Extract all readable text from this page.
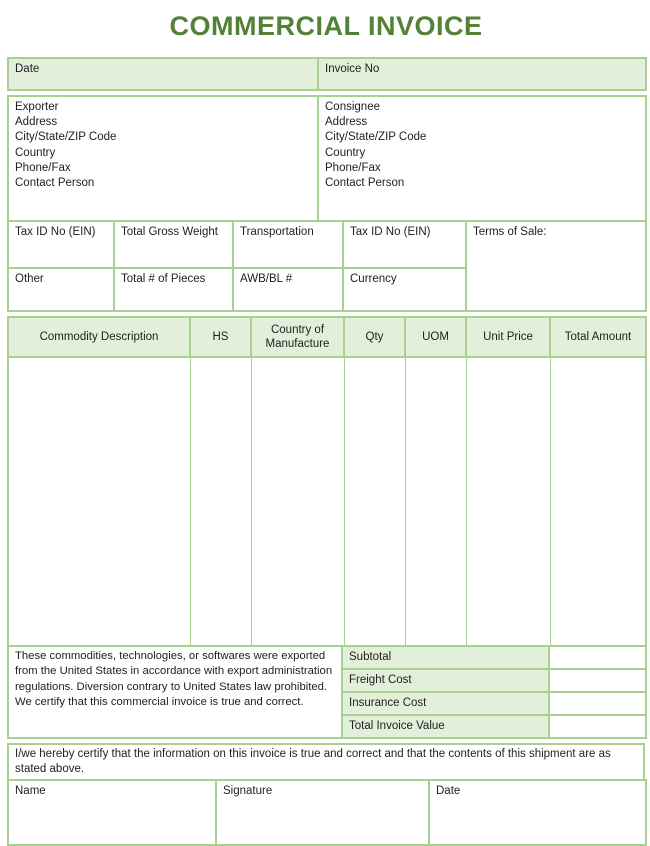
COMMERCIAL INVOICE
Date	Invoice No
Exporter
Address
City/State/ZIP Code
Country
Phone/Fax
Contact Person

Consignee
Address
City/State/ZIP Code
Country
Phone/Fax
Contact Person
Tax ID No (EIN)	Total Gross Weight	Transportation	Tax ID No (EIN)	Terms of Sale:

Other	Total # of Pieces	AWB/BL #	Currency	
Commodity Description	HS	Country of Manufacture	Qty	UOM	Unit Price	Total Amount

These commodities, technologies, or softwares were exported from the United States in accordance with export administration regulations. Diversion contrary to United States law prohibited. We certify that this commercial invoice is true and correct.	Subtotal	
	Freight Cost	
	Insurance Cost	
	Total Invoice Value	
I/we hereby certify that the information on this invoice is true and correct and that the contents of this shipment are as stated above.
Name	Signature	Date
